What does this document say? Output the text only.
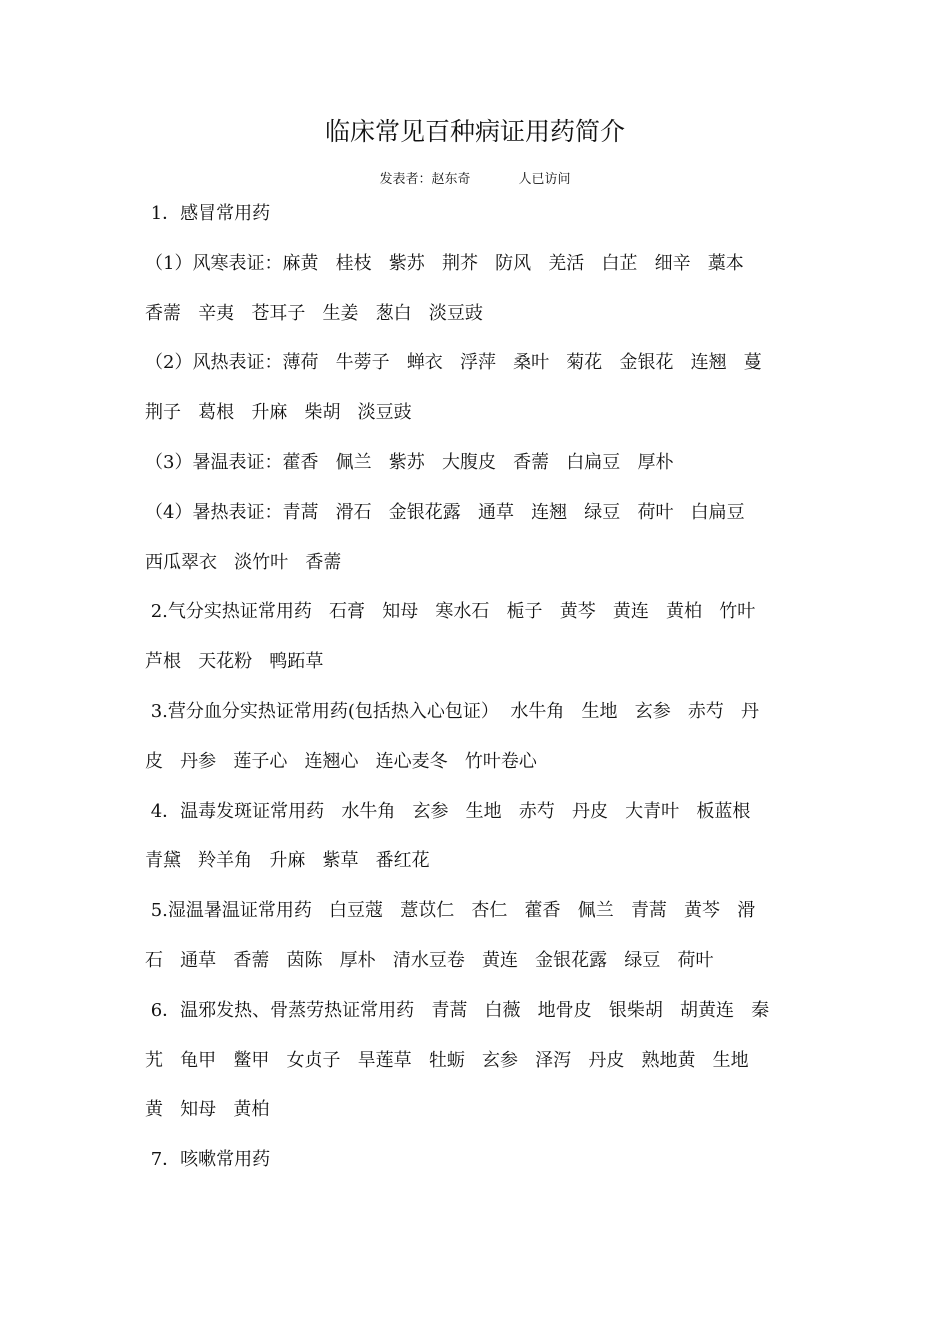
临床常见百种病证用药简介
发表者：赵东奇	人已访问
1．感冒常用药
（1）风寒表证：麻黄   桂枝   紫苏   荆芥   防风   羌活   白芷   细辛   藁本
香薷   辛夷   苍耳子   生姜   葱白   淡豆豉
（2）风热表证：薄荷   牛蒡子   蝉衣   浮萍   桑叶   菊花   金银花   连翘   蔓
荆子   葛根   升麻   柴胡   淡豆豉
（3）暑温表证：藿香   佩兰   紫苏   大腹皮   香薷   白扁豆   厚朴
（4）暑热表证：青蒿   滑石   金银花露   通草   连翘   绿豆   荷叶   白扁豆
西瓜翠衣   淡竹叶   香薷
2.气分实热证常用药   石膏   知母   寒水石   栀子   黄芩   黄连   黄柏   竹叶
芦根   天花粉   鸭跖草
3.营分血分实热证常用药(包括热入心包证）  水牛角   生地   玄参   赤芍   丹
皮   丹参   莲子心   连翘心   连心麦冬   竹叶卷心
4．温毒发斑证常用药   水牛角   玄参   生地   赤芍   丹皮   大青叶   板蓝根
青黛   羚羊角   升麻   紫草   番红花
5.湿温暑温证常用药   白豆蔻   薏苡仁   杏仁   藿香   佩兰   青蒿   黄芩   滑
石   通草   香薷   茵陈   厚朴   清水豆卷   黄连   金银花露   绿豆   荷叶
6．温邪发热、骨蒸劳热证常用药   青蒿   白薇   地骨皮   银柴胡   胡黄连   秦
艽   龟甲   鳖甲   女贞子   旱莲草   牡蛎   玄参   泽泻   丹皮   熟地黄   生地
黄   知母   黄柏
7．咳嗽常用药
